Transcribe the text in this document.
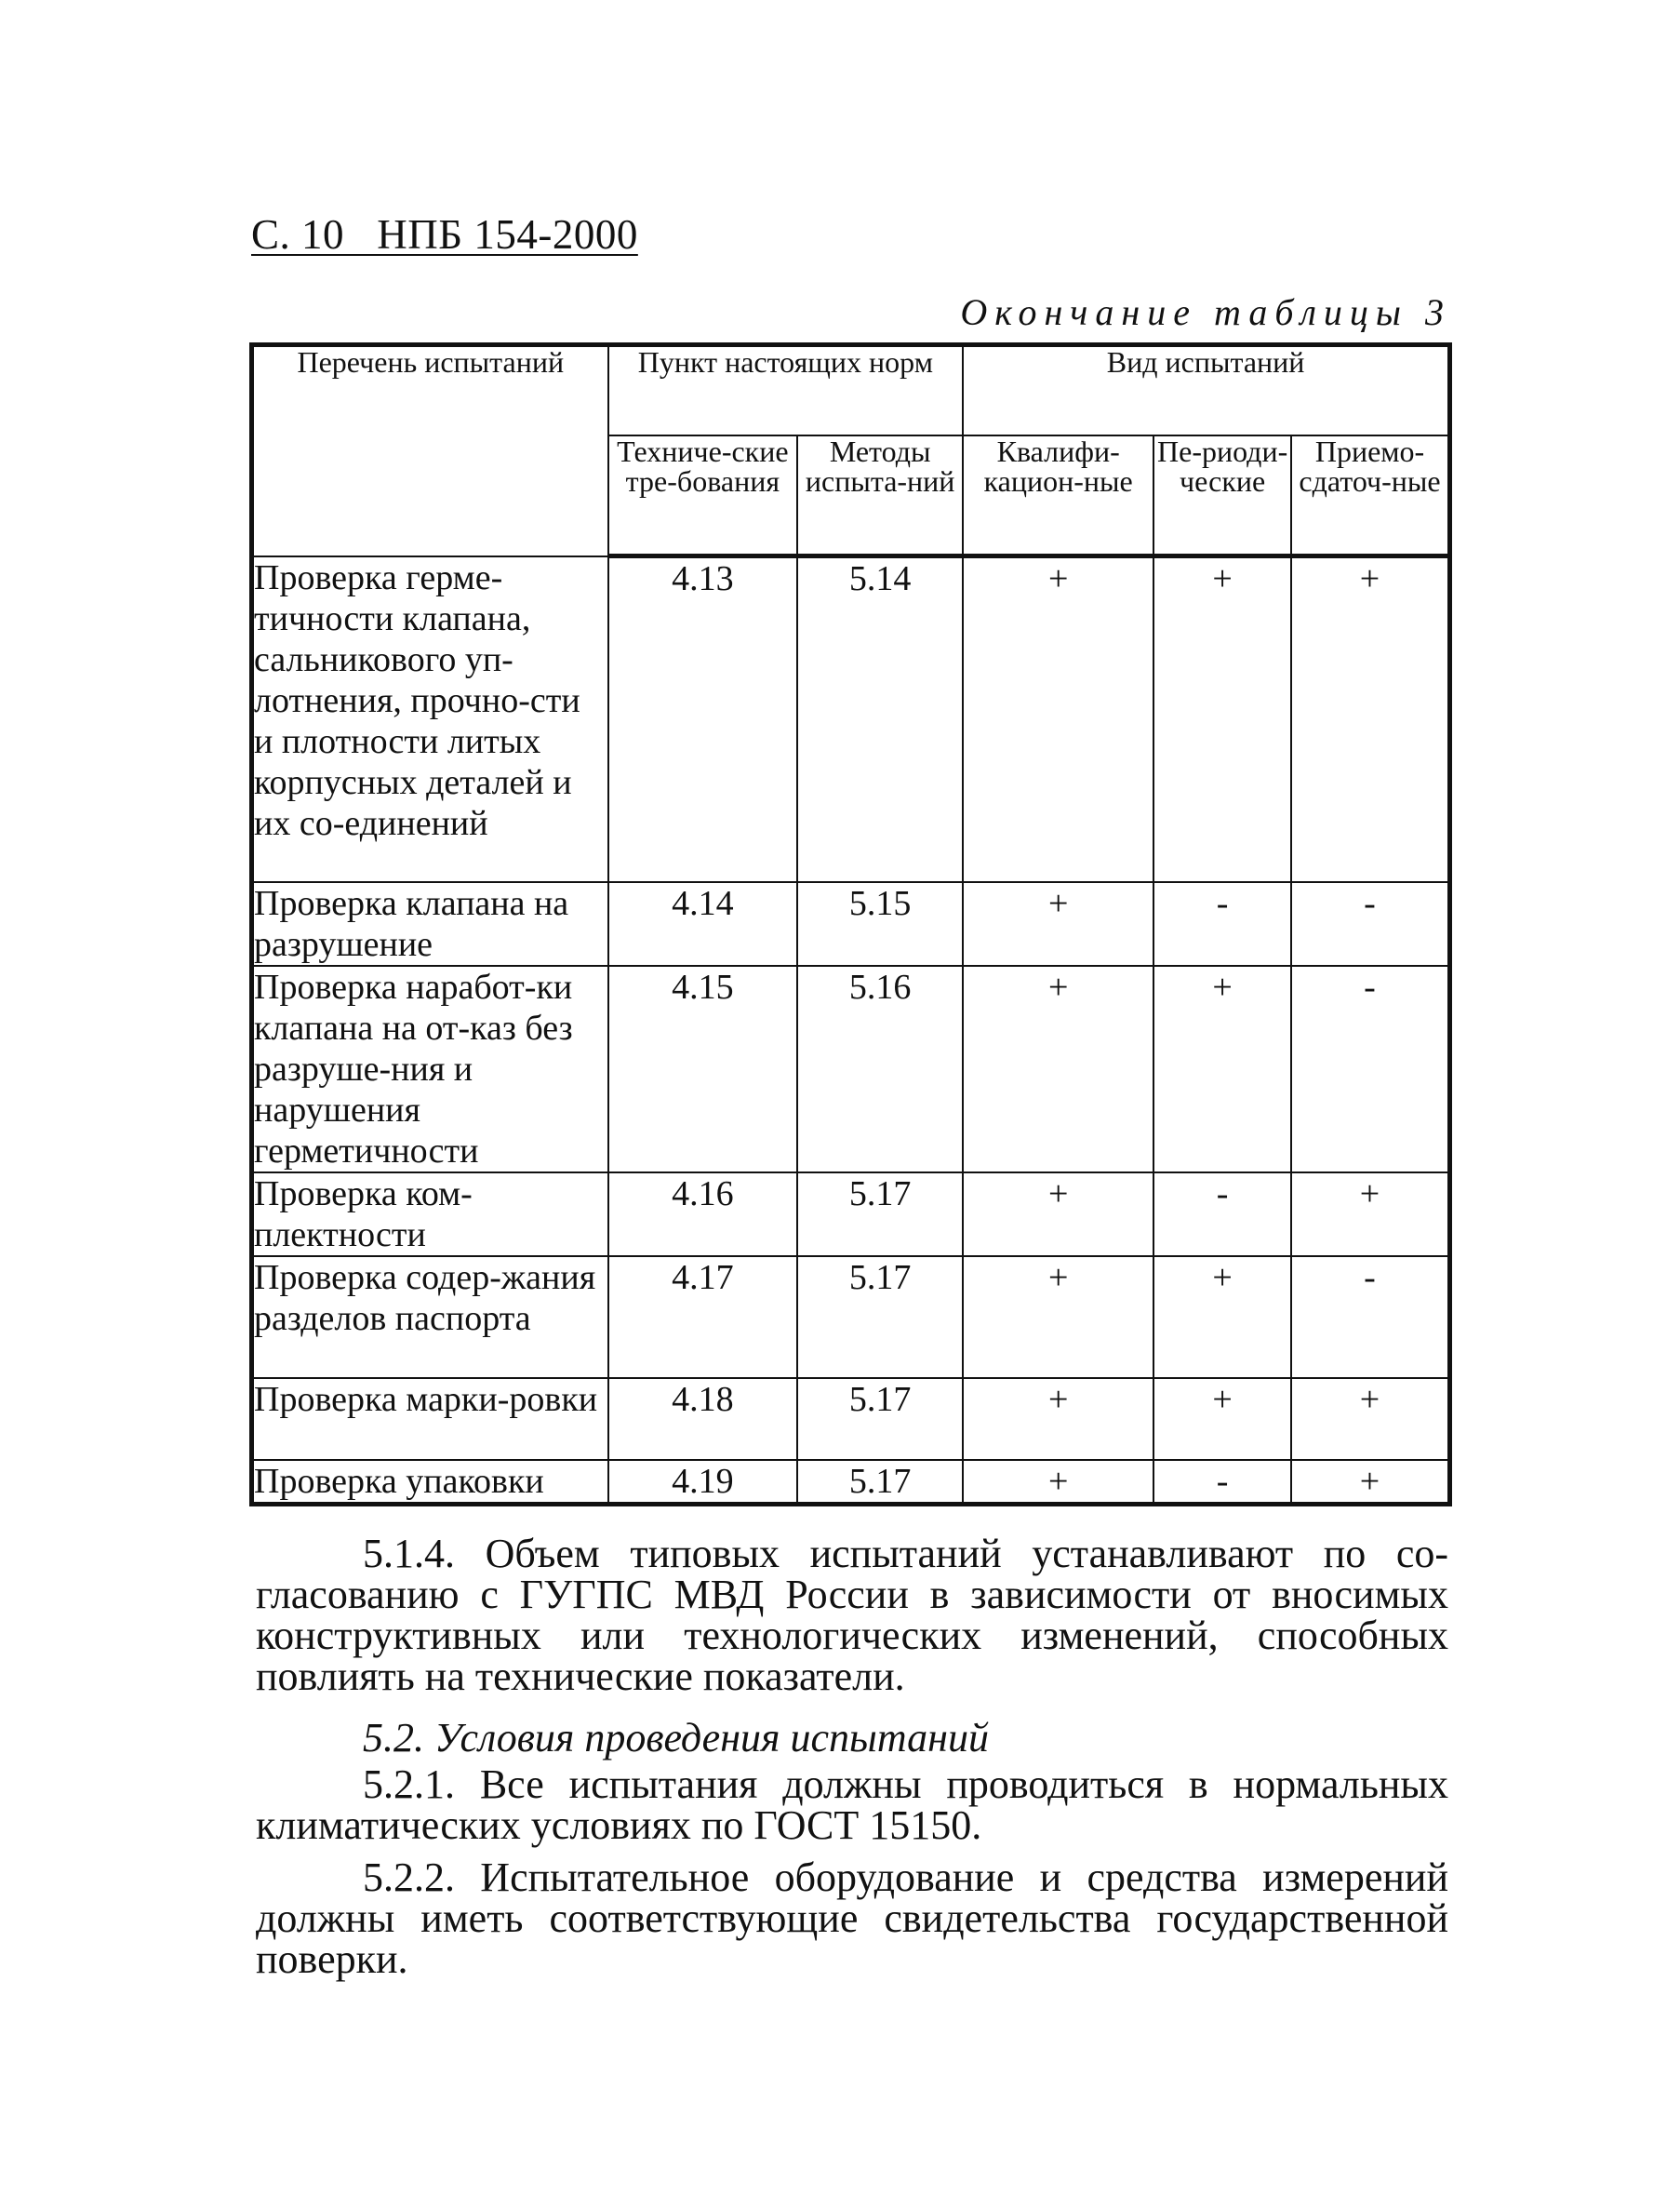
С. 10   НПБ 154-2000
Окончание таблицы 3
Перечень испытаний	Пункт настоящих норм		Вид испытаний		
	Техниче-ские тре-бования	Методы испыта-ний	Квалифи-кацион-ные	Пе-риоди-ческие	Приемо-сдаточ-ные
Проверка герме-тичности клапана, сальникового уп-лотнения, прочно-сти и плотности литых корпусных деталей и их со-единений	4.13	5.14	+	+	+
Проверка клапана на разрушение	4.14	5.15	+	-	-
Проверка наработ-ки клапана на от-каз без разруше-ния и нарушения герметичности	4.15	5.16	+	+	-
Проверка ком-плектности	4.16	5.17	+	-	+
Проверка содер-жания разделов паспорта	4.17	5.17	+	+	-
Проверка марки-ровки	4.18	5.17	+	+	+
Проверка упаковки	4.19	5.17	+	-	+

5.1.4. Объем типовых испытаний устанавливают по со-гласованию с ГУГПС МВД России в зависимости от вносимых конструктивных или технологических изменений, способных повлиять на технические показатели.

5.2. Условия проведения испытаний

5.2.1. Все испытания должны проводиться в нормальных климатических условиях по ГОСТ 15150.

5.2.2. Испытательное оборудование и средства измерений должны иметь соответствующие свидетельства государственной поверки.
